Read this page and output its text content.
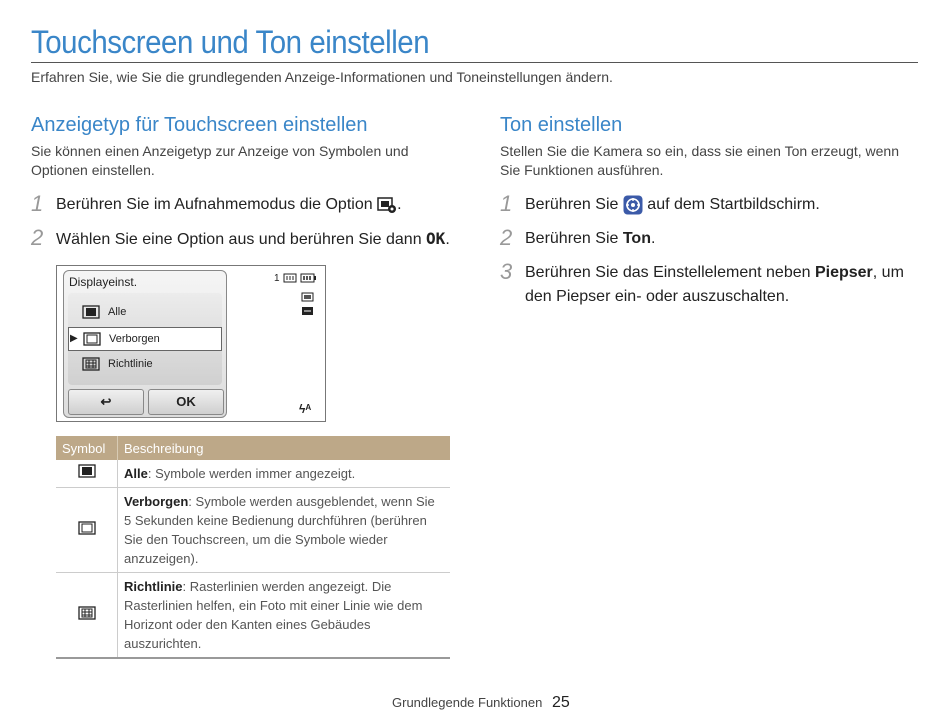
Touchscreen und Ton einstellen
Erfahren Sie, wie Sie die grundlegenden Anzeige-Informationen und Toneinstellungen ändern.
Anzeigetyp für Touchscreen einstellen
Sie können einen Anzeigetyp zur Anzeige von Symbolen und Optionen einstellen.
1 Berühren Sie im Aufnahmemodus die Option .
2 Wählen Sie eine Option aus und berühren Sie dann OK.
Displayeinst.
Alle
▶	Verborgen
Richtlinie
↩	OK
1
ϟᴬ
Symbol	Beschreibung
	Alle: Symbole werden immer angezeigt.
	Verborgen: Symbole werden ausgeblendet, wenn Sie 5 Sekunden keine Bedienung durchführen (berühren Sie den Touchscreen, um die Symbole wieder anzuzeigen).
	Richtlinie: Rasterlinien werden angezeigt. Die Rasterlinien helfen, ein Foto mit einer Linie wie dem Horizont oder den Kanten eines Gebäudes auszurichten.
Ton einstellen
Stellen Sie die Kamera so ein, dass sie einen Ton erzeugt, wenn Sie Funktionen ausführen.
1 Berühren Sie auf dem Startbildschirm.
2 Berühren Sie Ton.
3 Berühren Sie das Einstellelement neben Piepser, um den Piepser ein- oder auszuschalten.
Grundlegende Funktionen 25
